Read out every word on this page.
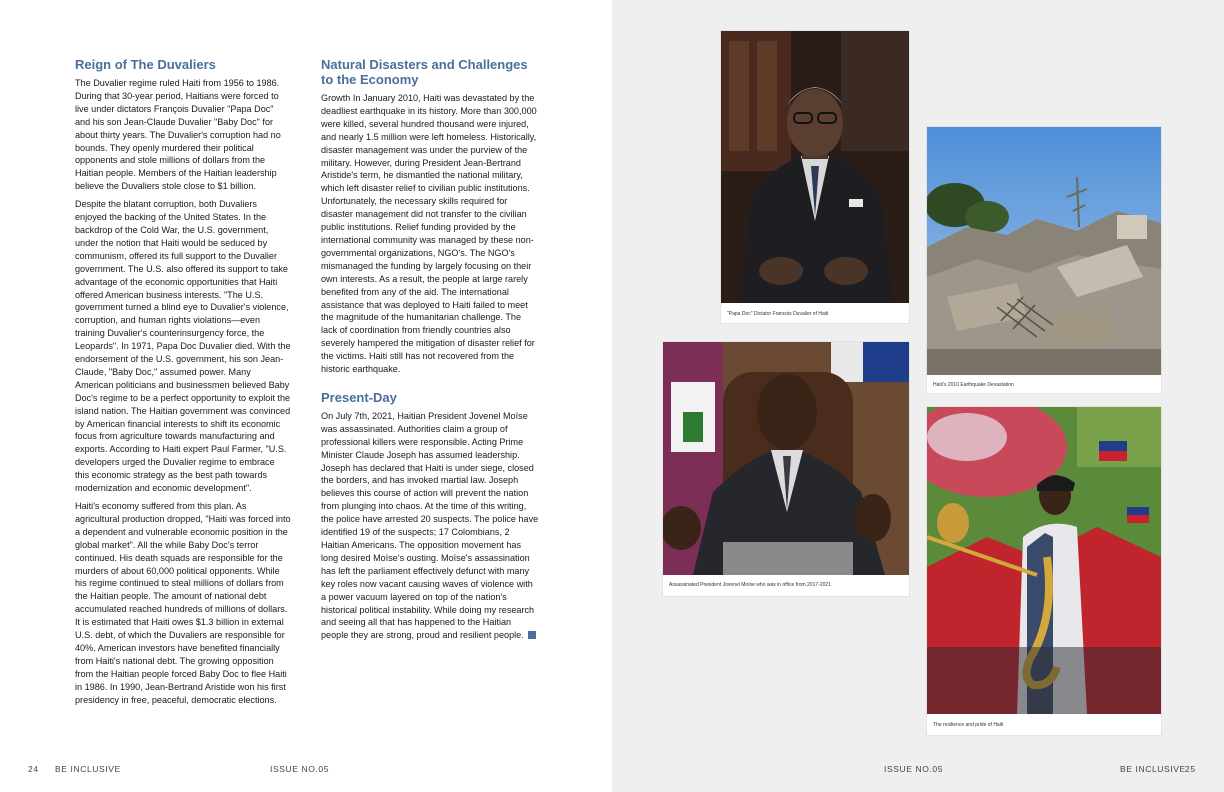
Reign of The Duvaliers

The Duvalier regime ruled Haiti from 1956 to 1986. During that 30-year period, Haitians were forced to live under dictators François Duvalier "Papa Doc" and his son Jean-Claude Duvalier "Baby Doc" for about thirty years. The Duvalier's corruption had no bounds. They openly murdered their political opponents and stole millions of dollars from the Haitian people. Members of the Haitian leadership believe the Duvaliers stole close to $1 billion.

Despite the blatant corruption, both Duvaliers enjoyed the backing of the United States. In the backdrop of the Cold War, the U.S. government, under the notion that Haiti would be seduced by communism, offered its full support to the Duvalier government. The U.S. also offered its support to take advantage of the economic opportunities that Haiti offered American business interests. "The U.S. government turned a blind eye to Duvalier's violence, corruption, and human rights violations—even training Duvalier's counterinsurgency force, the Leopards". In 1971, Papa Doc Duvalier died. With the endorsement of the U.S. government, his son Jean-Claude, "Baby Doc," assumed power. Many American politicians and businessmen believed Baby Doc's regime to be a perfect opportunity to exploit the island nation. The Haitian government was convinced by American financial interests to shift its economic focus from agriculture towards manufacturing and exports. According to Haiti expert Paul Farmer, "U.S. developers urged the Duvalier regime to embrace this economic strategy as the best path towards modernization and economic development".

Haiti's economy suffered from this plan. As agricultural production dropped, "Haiti was forced into a dependent and vulnerable economic position in the global market". All the while Baby Doc's terror continued. His death squads are responsible for the murders of about 60,000 political opponents. While his regime continued to steal millions of dollars from the Haitian people. The amount of national debt accumulated reached hundreds of millions of dollars. It is estimated that Haiti owes $1.3 billion in external U.S. debt, of which the Duvaliers are responsible for 40%. American investors have benefited financially from Haiti's national debt. The growing opposition from the Haitian people forced Baby Doc to flee Haiti in 1986. In 1990, Jean-Bertrand Aristide won his first presidency in free, peaceful, democratic elections.

Natural Disasters and Challenges to the Economy

Growth In January 2010, Haiti was devastated by the deadliest earthquake in its history. More than 300,000 were killed, several hundred thousand were injured, and nearly 1.5 million were left homeless. Historically, disaster management was under the purview of the military. However, during President Jean-Bertrand Aristide's term, he dismantled the national military, which left disaster relief to civilian public institutions. Unfortunately, the necessary skills required for disaster management did not transfer to the civilian public institutions. Relief funding provided by the international community was managed by these non-governmental organizations, NGO's. The NGO's mismanaged the funding by largely focusing on their own interests. As a result, the people at large rarely benefited from any of the aid. The international assistance that was deployed to Haiti failed to meet the magnitude of the humanitarian challenge. The lack of coordination from friendly countries also severely hampered the mitigation of disaster relief for the victims. Haiti still has not recovered from the historic earthquake.

Present-Day

On July 7th, 2021, Haitian President Jovenel Moïse was assassinated. Authorities claim a group of professional killers were responsible. Acting Prime Minister Claude Joseph has assumed leadership. Joseph has declared that Haiti is under siege, closed the borders, and has invoked martial law. Joseph believes this course of action will prevent the nation from plunging into chaos. At the time of this writing, the police have arrested 20 suspects. The police have identified 19 of the suspects; 17 Colombians, 2 Haitian Americans. The opposition movement has long desired Moïse's ousting. Moïse's assassination has left the parliament effectively defunct with many key roles now vacant causing waves of violence with a power vacuum layered on top of the nation's historical political instability. While doing my research and seeing all that has happened to the Haitian people they are strong, proud and resilient people.

24 BE INCLUSIVE	ISSUE NO.05
"Papa Doc" Dictator Francois Duvalier of Haiti
Haiti's 2010 Earthquake Devastation
Assassinated President Jovenel Moïse who was in office from 2017-2021
The resilience and pride of Haiti
ISSUE NO.05	BE INCLUSIVE 25
